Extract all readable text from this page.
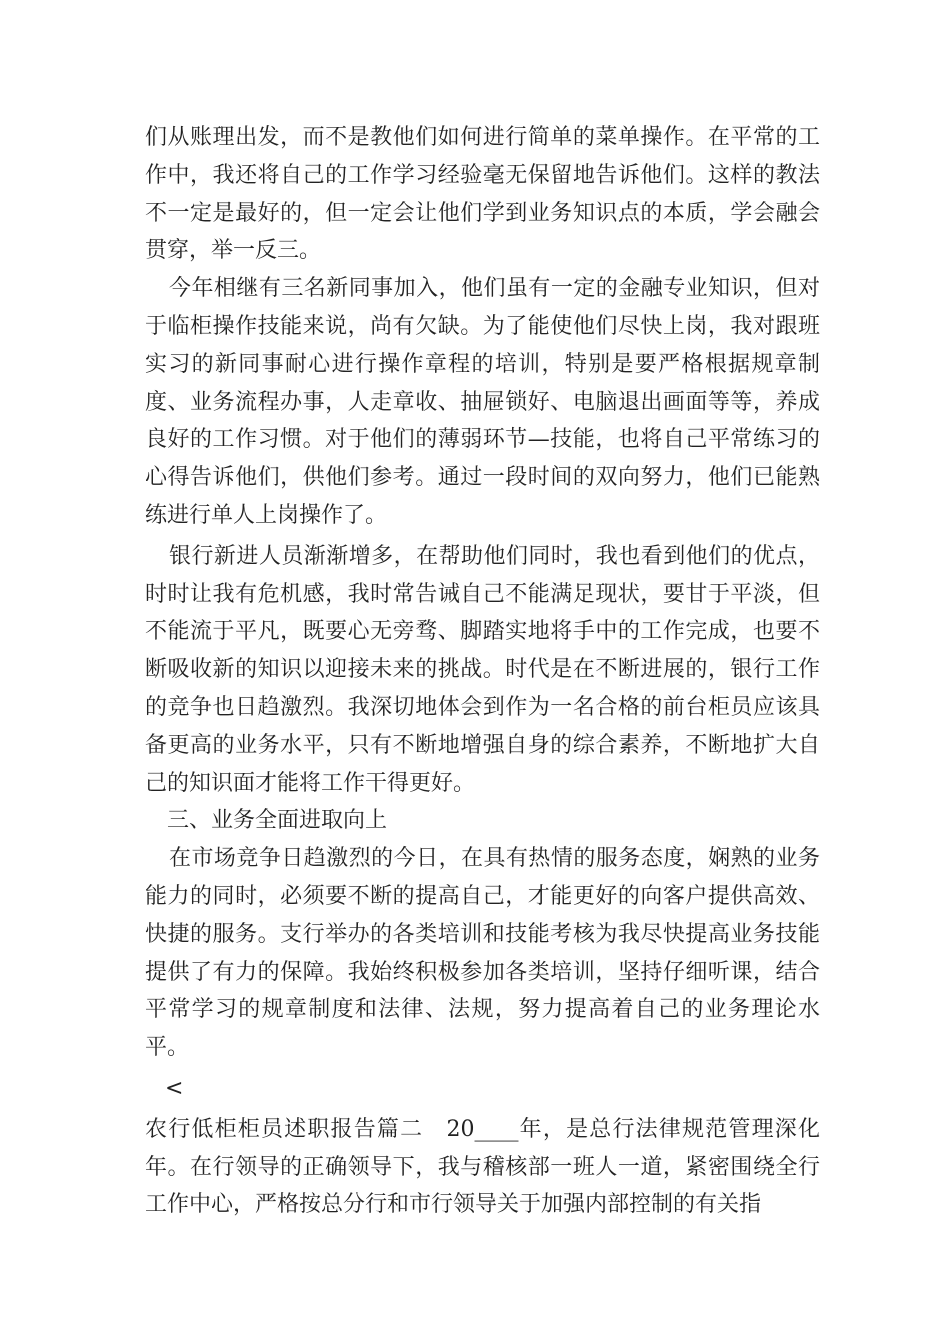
们从账理出发，而不是教他们如何进行简单的菜单操作。在平常的工作中，我还将自己的工作学习经验毫无保留地告诉他们。这样的教法不一定是最好的，但一定会让他们学到业务知识点的本质，学会融会贯穿，举一反三。

今年相继有三名新同事加入，他们虽有一定的金融专业知识，但对于临柜操作技能来说，尚有欠缺。为了能使他们尽快上岗，我对跟班实习的新同事耐心进行操作章程的培训，特别是要严格根据规章制度、业务流程办事，人走章收、抽屉锁好、电脑退出画面等等，养成良好的工作习惯。对于他们的薄弱环节—技能，也将自己平常练习的心得告诉他们，供他们参考。通过一段时间的双向努力，他们已能熟练进行单人上岗操作了。

银行新进人员渐渐增多，在帮助他们同时，我也看到他们的优点，时时让我有危机感，我时常告诫自己不能满足现状，要甘于平淡，但不能流于平凡，既要心无旁骛、脚踏实地将手中的工作完成，也要不断吸收新的知识以迎接未来的挑战。时代是在不断进展的，银行工作的竞争也日趋激烈。我深切地体会到作为一名合格的前台柜员应该具备更高的业务水平，只有不断地增强自身的综合素养，不断地扩大自己的知识面才能将工作干得更好。

三、业务全面进取向上

在市场竞争日趋激烈的今日，在具有热情的服务态度，娴熟的业务能力的同时，必须要不断的提高自己，才能更好的向客户提供高效、快捷的服务。支行举办的各类培训和技能考核为我尽快提高业务技能提供了有力的保障。我始终积极参加各类培训，坚持仔细听课，结合平常学习的规章制度和法律、法规，努力提高着自己的业务理论水平。

<

农行低柜柜员述职报告篇二　20____年，是总行法律规范管理深化年。在行领导的正确领导下，我与稽核部一班人一道，紧密围绕全行工作中心，严格按总分行和市行领导关于加强内部控制的有关指
